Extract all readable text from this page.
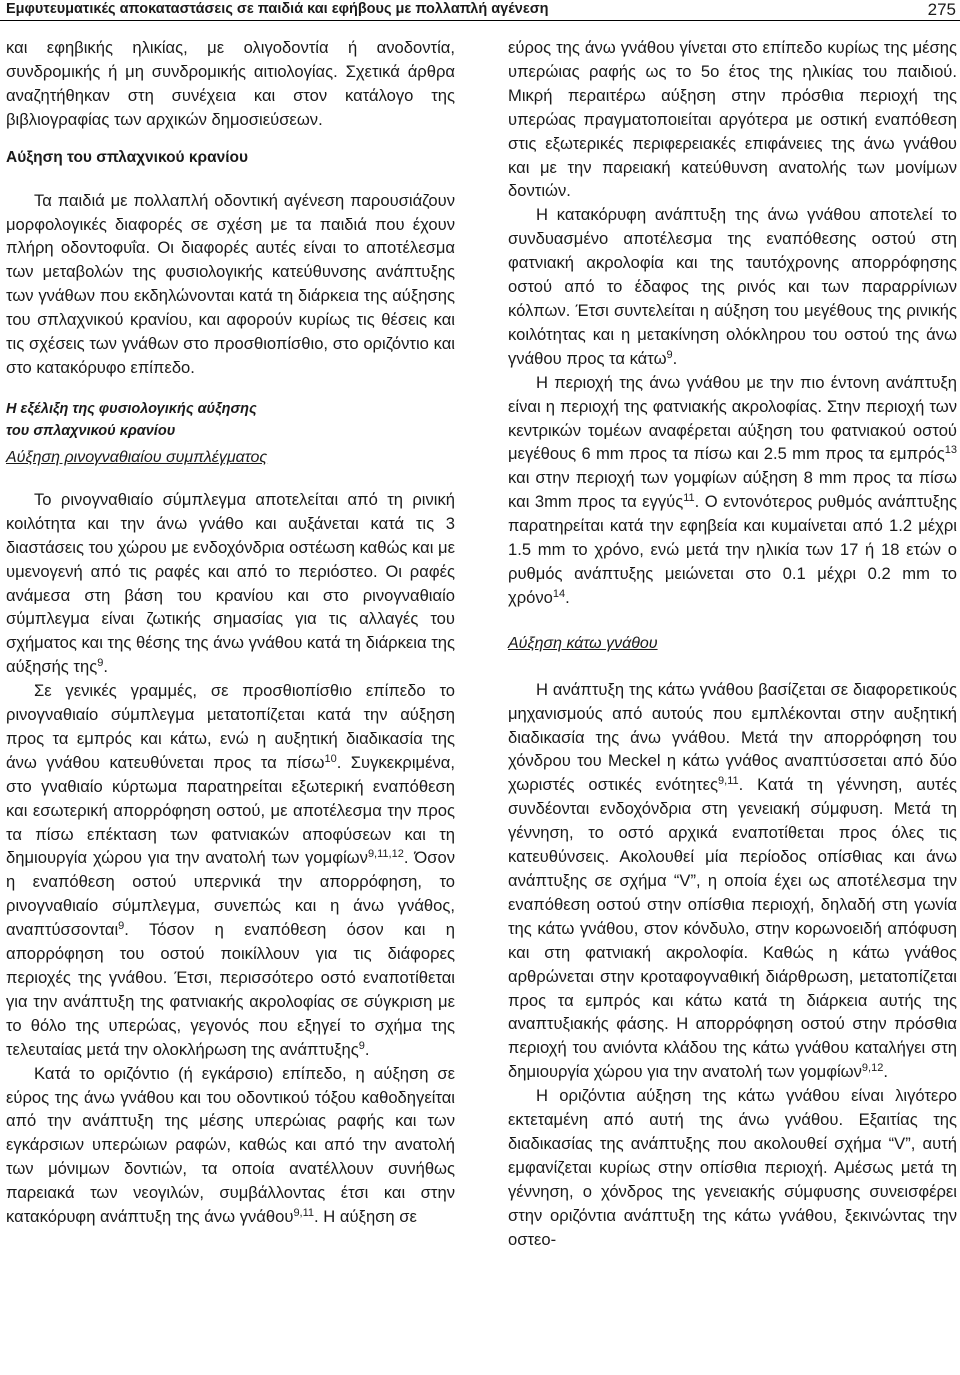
Εμφυτευματικές αποκαταστάσεις σε παιδιά και εφήβους με πολλαπλή αγένεση	275

και εφηβικής ηλικίας, με ολιγοδοντία ή ανοδοντία, συνδρομικής ή μη συνδρομικής αιτιολογίας. Σχετικά άρθρα αναζητήθηκαν στη συνέχεια και στον κατάλογο της βιβλιογραφίας των αρχικών δημοσιεύσεων.

Αύξηση του σπλαχνικού κρανίου

Τα παιδιά με πολλαπλή οδοντική αγένεση παρουσιάζουν μορφολογικές διαφορές σε σχέση με τα παιδιά που έχουν πλήρη οδοντοφυΐα. Οι διαφορές αυτές είναι το αποτέλεσμα των μεταβολών της φυσιολογικής κατεύθυνσης ανάπτυξης των γνάθων που εκδηλώνονται κατά τη διάρκεια της αύξησης του σπλαχνικού κρανίου, και αφορούν κυρίως τις θέσεις και τις σχέσεις των γνάθων στο προσθιοπίσθιο, στο οριζόντιο και στο κατακόρυφο επίπεδο.

Η εξέλιξη της φυσιολογικής αύξησης

του σπλαχνικού κρανίου

Αύξηση ρινογναθιαίου συμπλέγματος

Το ρινογναθιαίο σύμπλεγμα αποτελείται από τη ρινική κοιλότητα και την άνω γνάθο και αυξάνεται κατά τις 3 διαστάσεις του χώρου με ενδοχόνδρια οστέωση καθώς και με υμενογενή από τις ραφές και από το περιόστεο. Οι ραφές ανάμεσα στη βάση του κρανίου και στο ρινογναθιαίο σύμπλεγμα είναι ζωτικής σημασίας για τις αλλαγές του σχήματος και της θέσης της άνω γνάθου κατά τη διάρκεια της αύξησής της$^9$.

Σε γενικές γραμμές, σε προσθιοπίσθιο επίπεδο το ρινογναθιαίο σύμπλεγμα μετατοπίζεται κατά την αύξηση προς τα εμπρός και κάτω, ενώ η αυξητική διαδικασία της άνω γνάθου κατευθύνεται προς τα πίσω$^{10}$. Συγκεκριμένα, στο γναθιαίο κύρτωμα παρατηρείται εξωτερική εναπόθεση και εσωτερική απορρόφηση οστού, με αποτέλεσμα την προς τα πίσω επέκταση των φατνιακών αποφύσεων και τη δημιουργία χώρου για την ανατολή των γομφίων$^{9,11,12}$. Όσον η εναπόθεση οστού υπερνικά την απορρόφηση, το ρινογναθιαίο σύμπλεγμα, συνεπώς και η άνω γνάθος, αναπτύσσονται$^9$. Τόσον η εναπόθεση όσον και η απορρόφηση του οστού ποικίλλουν για τις διάφορες περιοχές της γνάθου. Έτσι, περισσότερο οστό εναποτίθεται για την ανάπτυξη της φατνιακής ακρολοφίας σε σύγκριση με το θόλο της υπερώας, γεγονός που εξηγεί το σχήμα της τελευταίας μετά την ολοκλήρωση της ανάπτυξης$^9$.

Κατά το οριζόντιο (ή εγκάρσιο) επίπεδο, η αύξηση σε εύρος της άνω γνάθου και του οδοντικού τόξου καθοδηγείται από την ανάπτυξη της μέσης υπερώιας ραφής και των εγκάρσιων υπερώιων ραφών, καθώς και από την ανατολή των μόνιμων δοντιών, τα οποία ανατέλλουν συνήθως παρειακά των νεογιλών, συμβάλλοντας έτσι και στην κατακόρυφη ανάπτυξη της άνω γνάθου$^{9,11}$. Η αύξηση σε

εύρος της άνω γνάθου γίνεται στο επίπεδο κυρίως της μέσης υπερώιας ραφής ως το 5ο έτος της ηλικίας του παιδιού. Μικρή περαιτέρω αύξηση στην πρόσθια περιοχή της υπερώας πραγματοποιείται αργότερα με οστική εναπόθεση στις εξωτερικές περιφερειακές επιφάνειες της άνω γνάθου και με την παρειακή κατεύθυνση ανατολής των μονίμων δοντιών.

Η κατακόρυφη ανάπτυξη της άνω γνάθου αποτελεί το συνδυασμένο αποτέλεσμα της εναπόθεσης οστού στη φατνιακή ακρολοφία και της ταυτόχρονης απορρόφησης οστού από το έδαφος της ρινός και των παραρρίνιων κόλπων. Έτσι συντελείται η αύξηση του μεγέθους της ρινικής κοιλότητας και η μετακίνηση ολόκληρου του οστού της άνω γνάθου προς τα κάτω$^9$.

Η περιοχή της άνω γνάθου με την πιο έντονη ανάπτυξη είναι η περιοχή της φατνιακής ακρολοφίας. Στην περιοχή των κεντρικών τομέων αναφέρεται αύξηση του φατνιακού οστού μεγέθους 6 mm προς τα πίσω και 2.5 mm προς τα εμπρός$^{13}$ και στην περιοχή των γομφίων αύξηση 8 mm προς τα πίσω και 3mm προς τα εγγύς$^{11}$. Ο εντονότερος ρυθμός ανάπτυξης παρατηρείται κατά την εφηβεία και κυμαίνεται από 1.2 μέχρι 1.5 mm το χρόνο, ενώ μετά την ηλικία των 17 ή 18 ετών ο ρυθμός ανάπτυξης μειώνεται στο 0.1 μέχρι 0.2 mm το χρόνο$^{14}$.

Αύξηση κάτω γνάθου

Η ανάπτυξη της κάτω γνάθου βασίζεται σε διαφορετικούς μηχανισμούς από αυτούς που εμπλέκονται στην αυξητική διαδικασία της άνω γνάθου. Μετά την απορρόφηση του χόνδρου του Meckel η κάτω γνάθος αναπτύσσεται από δύο χωριστές οστικές ενότητες$^{9,11}$. Κατά τη γέννηση, αυτές συνδέονται ενδοχόνδρια στη γενειακή σύμφυση. Μετά τη γέννηση, το οστό αρχικά εναποτίθεται προς όλες τις κατευθύνσεις. Ακολουθεί μία περίοδος οπίσθιας και άνω ανάπτυξης σε σχήμα “V”, η οποία έχει ως αποτέλεσμα την εναπόθεση οστού στην οπίσθια περιοχή, δηλαδή στη γωνία της κάτω γνάθου, στον κόνδυλο, στην κορωνοειδή απόφυση και στη φατνιακή ακρολοφία. Καθώς η κάτω γνάθος αρθρώνεται στην κροταφογναθική διάρθρωση, μετατοπίζεται προς τα εμπρός και κάτω κατά τη διάρκεια αυτής της αναπτυξιακής φάσης. Η απορρόφηση οστού στην πρόσθια περιοχή του ανιόντα κλάδου της κάτω γνάθου καταλήγει στη δημιουργία χώρου για την ανατολή των γομφίων$^{9,12}$.

Η οριζόντια αύξηση της κάτω γνάθου είναι λιγότερο εκτεταμένη από αυτή της άνω γνάθου. Εξαιτίας της διαδικασίας της ανάπτυξης που ακολουθεί σχήμα “V”, αυτή εμφανίζεται κυρίως στην οπίσθια περιοχή. Αμέσως μετά τη γέννηση, ο χόνδρος της γενειακής σύμφυσης συνεισφέρει στην οριζόντια ανάπτυξη της κάτω γνάθου, ξεκινώντας την οστεο-
